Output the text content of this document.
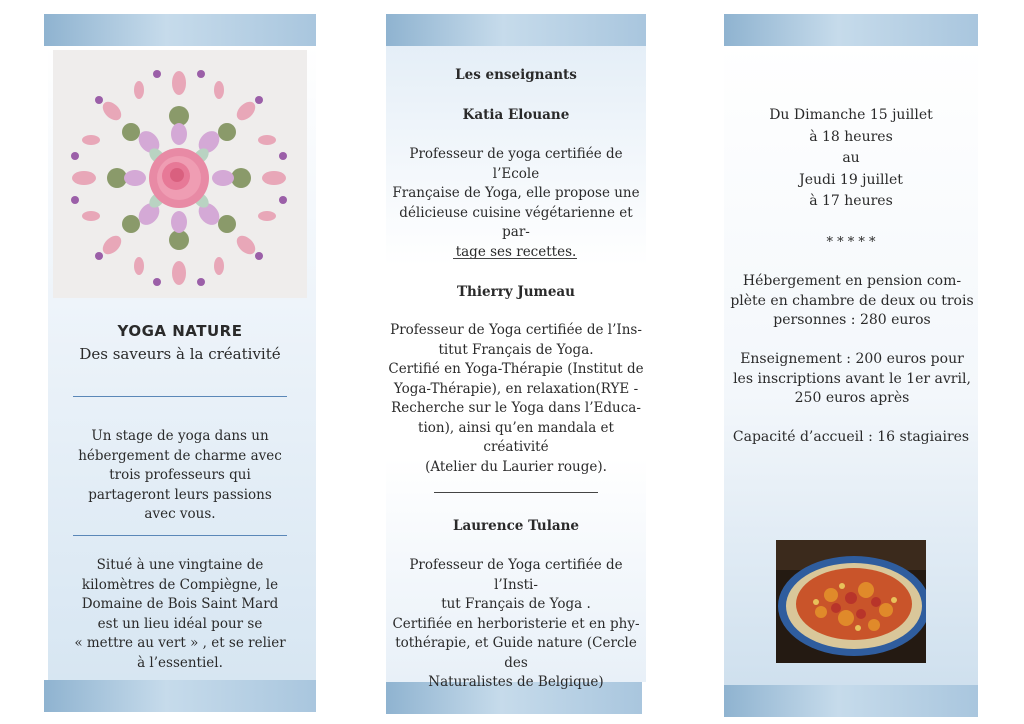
YOGA NATURE
Des saveurs à la créativité
Un stage de yoga dans un
hébergement de charme avec
trois professeurs qui
partageront leurs passions
avec vous.
Situé à une vingtaine de
kilomètres de Compiègne, le
Domaine de Bois Saint Mard
est un lieu idéal pour se
« mettre au vert » , et se relier
à l’essentiel.
Les enseignants
Katia Elouane
Professeur de yoga certifiée de l’Ecole
Française de Yoga, elle propose une
délicieuse cuisine végétarienne et par-
tage ses recettes.
Thierry Jumeau
Professeur de Yoga certifiée de l’Ins-
titut Français de Yoga.
Certifié en Yoga-Thérapie (Institut de
Yoga-Thérapie), en relaxation(RYE -
Recherche sur le Yoga dans l’Educa-
tion), ainsi qu’en mandala et créativité
(Atelier du Laurier rouge).
Laurence Tulane
Professeur de Yoga certifiée de l’Insti-
tut Français de Yoga .
Certifiée en herboristerie et en phy-
tothérapie, et Guide nature (Cercle des
Naturalistes de Belgique)
Du Dimanche 15 juillet
à 18 heures
au
Jeudi 19 juillet
à 17 heures
* * * * *
Hébergement en pension com-
plète en chambre de deux ou trois
personnes : 280 euros
Enseignement : 200 euros pour
les inscriptions avant le 1er avril,
250 euros après
Capacité d’accueil : 16 stagiaires
